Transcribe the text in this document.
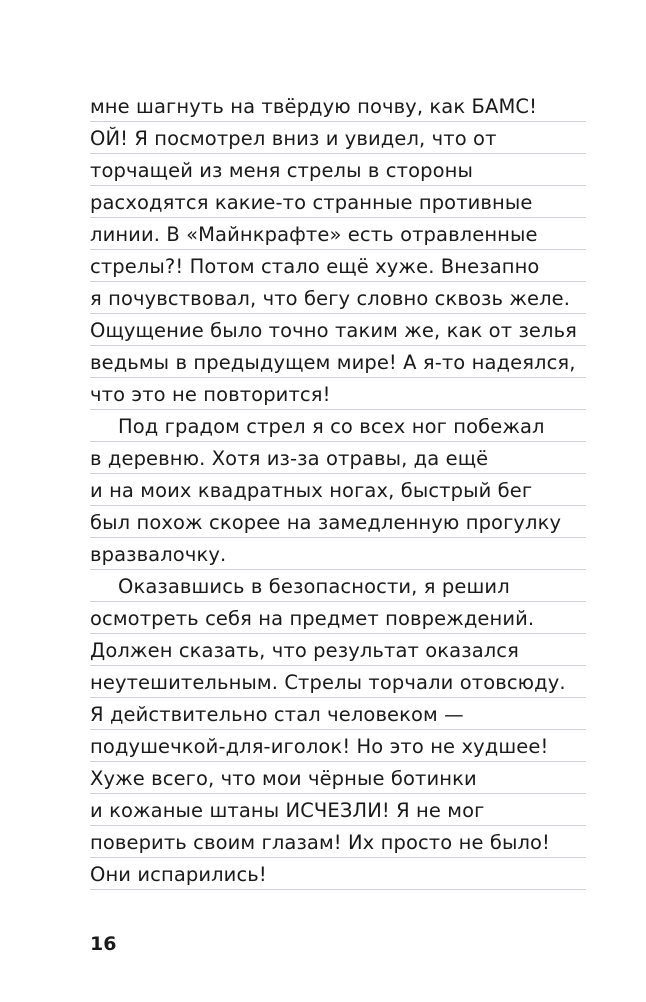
мне шагнуть на твёрдую почву, как БАМС!
ОЙ! Я посмотрел вниз и увидел, что от
торчащей из меня стрелы в стороны
расходятся какие-то странные противные
линии. В «Майнкрафте» есть отравленные
стрелы?! Потом стало ещё хуже. Внезапно
я почувствовал, что бегу словно сквозь желе.
Ощущение было точно таким же, как от зелья
ведьмы в предыдущем мире! А я-то надеялся,
что это не повторится!
Под градом стрел я со всех ног побежал
в деревню. Хотя из-за отравы, да ещё
и на моих квадратных ногах, быстрый бег
был похож скорее на замедленную прогулку
вразвалочку.
Оказавшись в безопасности, я решил
осмотреть себя на предмет повреждений.
Должен сказать, что результат оказался
неутешительным. Стрелы торчали отовсюду.
Я действительно стал человеком —
подушечкой-для-иголок! Но это не худшее!
Хуже всего, что мои чёрные ботинки
и кожаные штаны ИСЧЕЗЛИ! Я не мог
поверить своим глазам! Их просто не было!
Они испарились!
16
